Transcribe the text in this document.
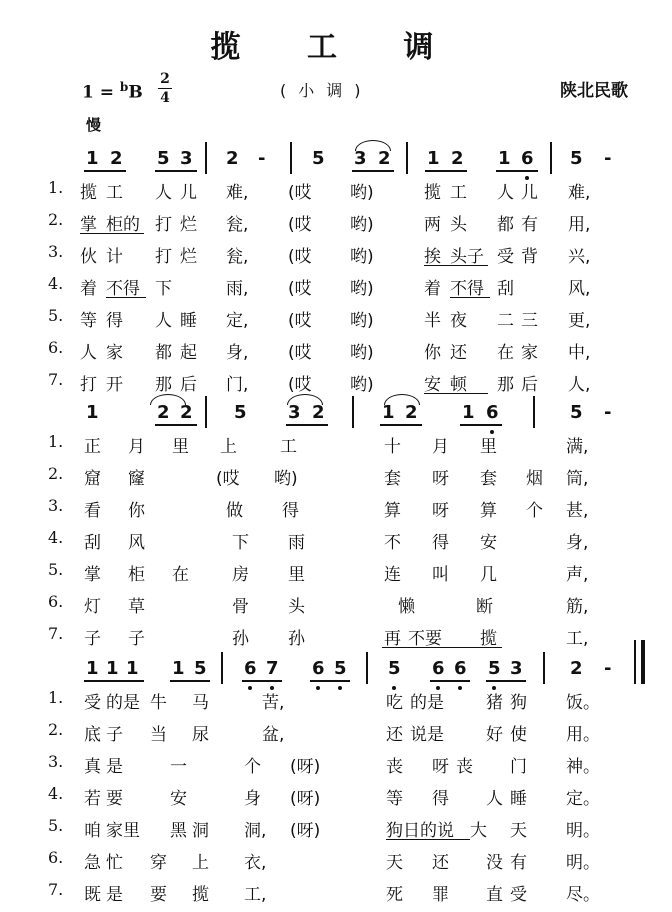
揽 工 调
1 = $^b$B
2
4	(小调)	陕北民歌
慢
1 2 5 3 2 -	5 3 2 1 2 1 6 5 -
1. 揽 工 人 儿 难, (哎 哟)	揽 工 人 儿 难,
2. 掌 柜的 打 烂 瓮, (哎 哟)	两 头 都 有 用,
3. 伙 计 打 烂 瓮, (哎 哟)	挨 头子 受 背 兴,
4. 着 不得 下	雨, (哎 哟)	着 不得 刮	风,
5. 等 得 人 睡 定, (哎 哟)	半 夜 二 三 更,
6. 人 家 都 起 身, (哎 哟)	你 还 在 家 中,
7. 打 开 那 后 门, (哎 哟)	安 顿 那 后 人,
1	2 2 5 3 2	1 2 1 6	5 -
1. 正 月 里 上	工	十 月 里	满,
2. 窟 窿	(哎 哟)	套 呀 套 烟 筒,
3. 看 你	做 得	算 呀 算 个 甚,
4. 刮 风	下 雨	不 得 安	身,
5. 掌 柜 在	房 里	连 叫 几	声,
6. 灯 草	骨 头	懒	断	筋,
7. 子 子	孙 孙	再 不要 揽	工,
1 1 1 1 5 6 7 6 5 5 6 6 5 3	2 -
1. 受 的是 牛 马	苦,	吃 的是 猪 狗 饭。
2. 底 子 当 尿	盆,	还 说是 好 使 用。
3. 真 是	一	个 (呀)	丧 呀 丧 门 神。
4. 若 要	安	身 (呀)	等 得 人 睡 定。
5. 咱 家里 黑 洞 洞, (呀)	狗日的说 大 天 明。
6. 急 忙 穿 上 衣,	天 还 没 有 明。
7. 既 是 要 揽 工,	死 罪 直 受 尽。
